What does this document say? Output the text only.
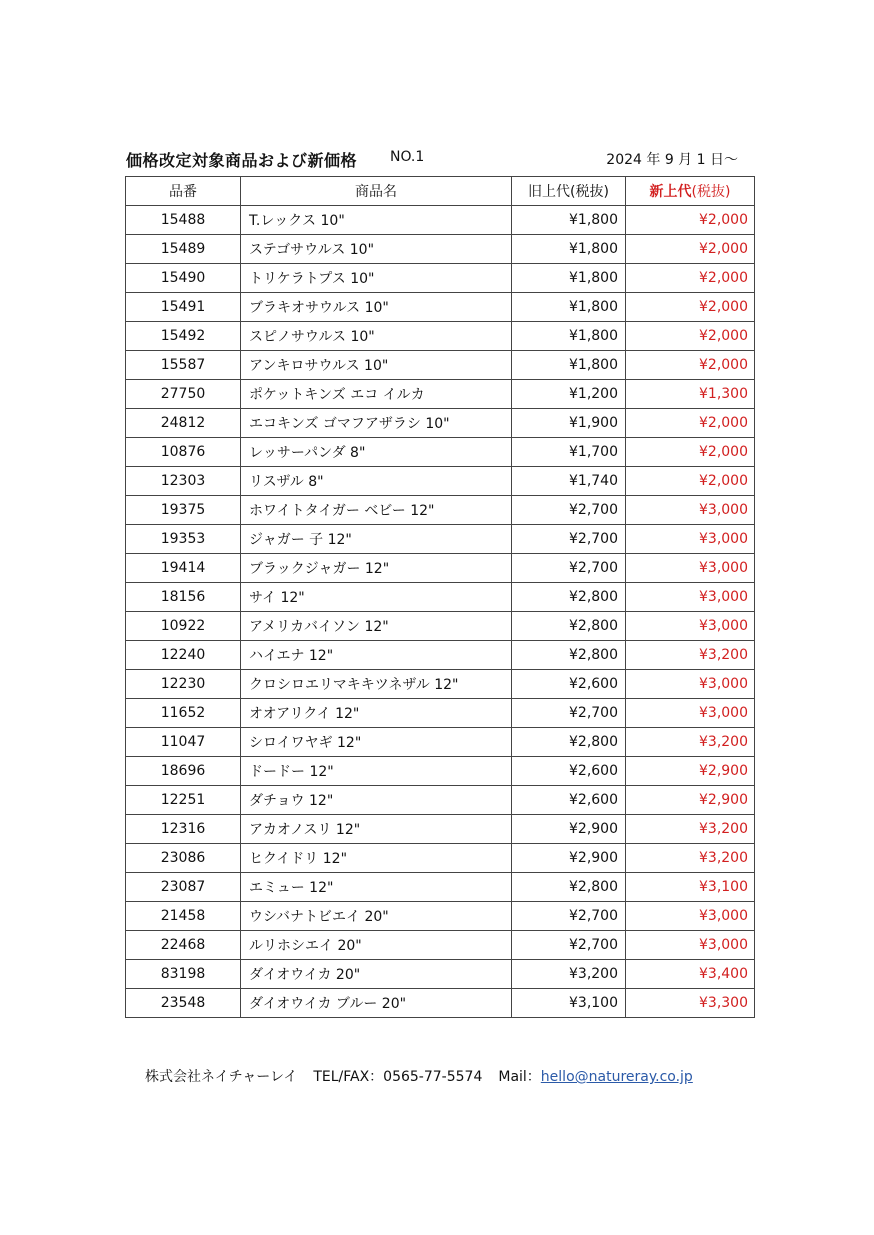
価格改定対象商品および新価格 NO.1	2024 年 9 月 1 日〜
品番	商品名	旧上代(税抜)	新上代(税抜)
15488	T.レックス 10"	¥1,800	¥2,000
15489	ステゴサウルス 10"	¥1,800	¥2,000
15490	トリケラトプス 10"	¥1,800	¥2,000
15491	ブラキオサウルス 10"	¥1,800	¥2,000
15492	スピノサウルス 10"	¥1,800	¥2,000
15587	アンキロサウルス 10"	¥1,800	¥2,000
27750	ポケットキンズ エコ イルカ	¥1,200	¥1,300
24812	エコキンズ ゴマフアザラシ 10"	¥1,900	¥2,000
10876	レッサーパンダ 8"	¥1,700	¥2,000
12303	リスザル 8"	¥1,740	¥2,000
19375	ホワイトタイガー ベビー 12"	¥2,700	¥3,000
19353	ジャガー 子 12"	¥2,700	¥3,000
19414	ブラックジャガー 12"	¥2,700	¥3,000
18156	サイ 12"	¥2,800	¥3,000
10922	アメリカバイソン 12"	¥2,800	¥3,000
12240	ハイエナ 12"	¥2,800	¥3,200
12230	クロシロエリマキキツネザル 12"	¥2,600	¥3,000
11652	オオアリクイ 12"	¥2,700	¥3,000
11047	シロイワヤギ 12"	¥2,800	¥3,200
18696	ドードー 12"	¥2,600	¥2,900
12251	ダチョウ 12"	¥2,600	¥2,900
12316	アカオノスリ 12"	¥2,900	¥3,200
23086	ヒクイドリ 12"	¥2,900	¥3,200
23087	エミュー 12"	¥2,800	¥3,100
21458	ウシバナトビエイ 20"	¥2,700	¥3,000
22468	ルリホシエイ 20"	¥2,700	¥3,000
83198	ダイオウイカ 20"	¥3,200	¥3,400
23548	ダイオウイカ ブルー 20"	¥3,100	¥3,300
株式会社ネイチャーレイ TEL/FAX：0565-77-5574 Mail：hello@natureray.co.jp
